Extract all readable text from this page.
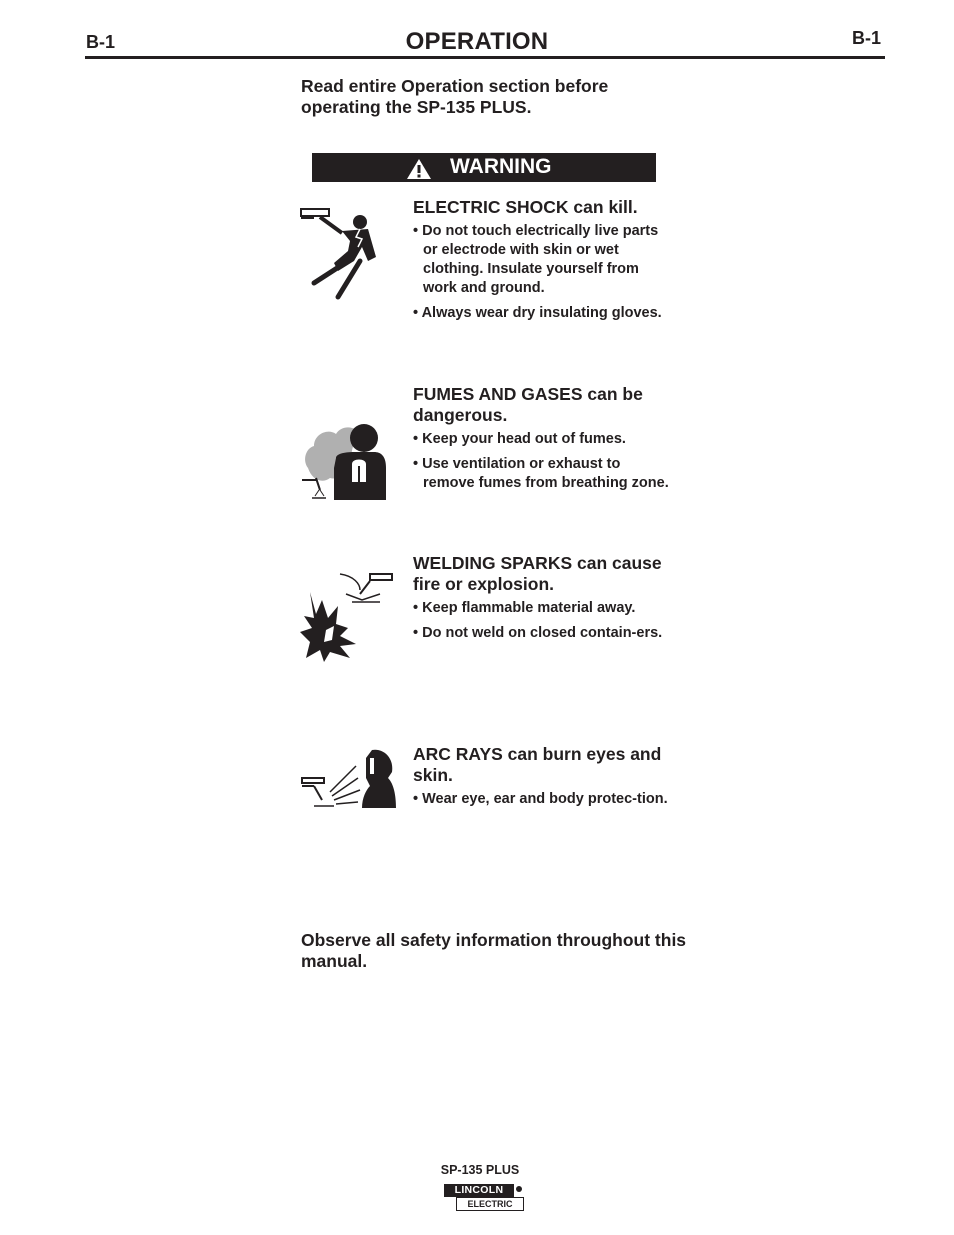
B-1	OPERATION	B-1
Read entire Operation section before operating the SP-135 PLUS.
WARNING
ELECTRIC SHOCK can kill.
• Do not touch electrically live parts or electrode with skin or wet clothing. Insulate yourself from work and ground.
• Always wear dry insulating gloves.
FUMES AND GASES can be dangerous.
• Keep your head out of fumes.
• Use ventilation or exhaust to remove fumes from breathing zone.
WELDING SPARKS can cause fire or explosion.
• Keep flammable material away.
• Do not weld on closed contain-ers.
ARC RAYS can burn eyes and skin.
• Wear eye, ear and body protec-tion.
Observe all safety information throughout this manual.
SP-135 PLUS
LINCOLN
ELECTRIC
